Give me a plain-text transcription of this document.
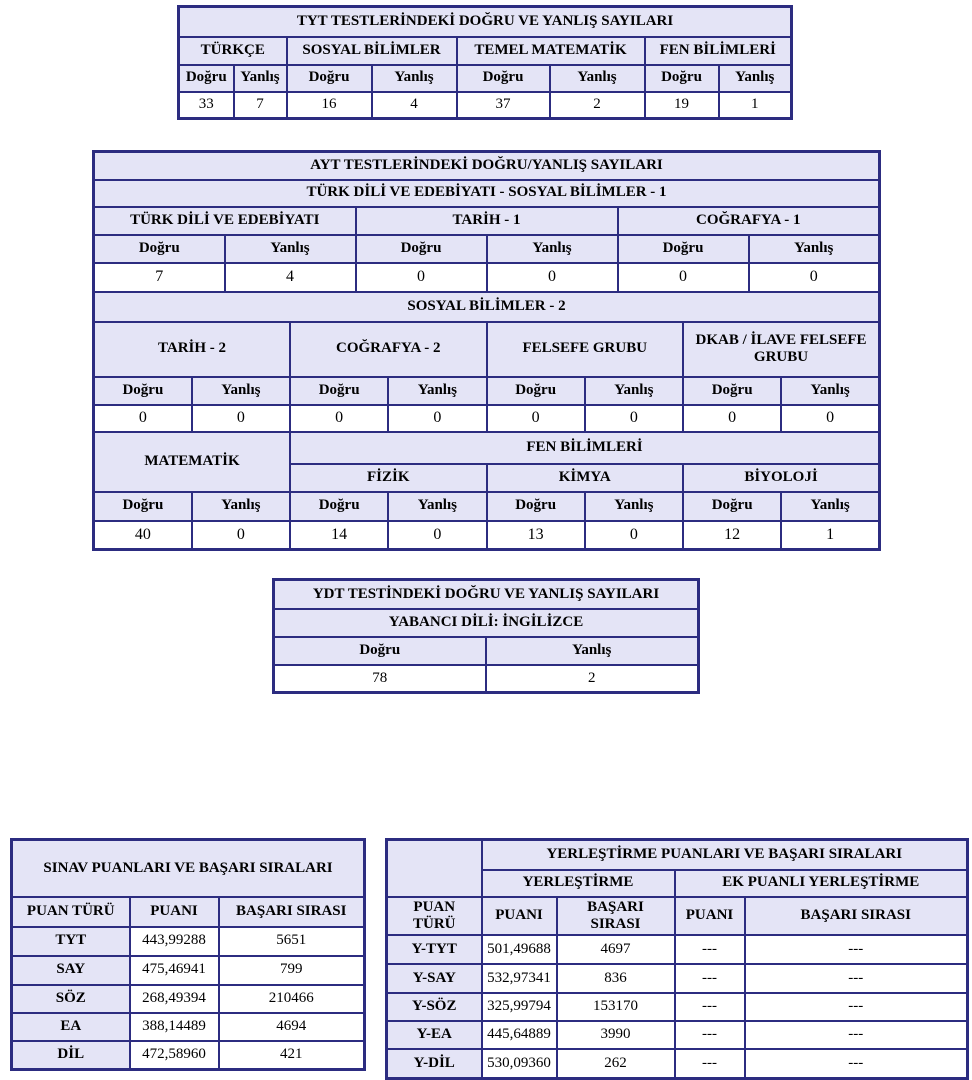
TYT TESTLERİNDEKİ DOĞRU VE YANLIŞ SAYILARI							
TÜRKÇE		SOSYAL BİLİMLER		TEMEL MATEMATİK		FEN BİLİMLERİ	
Doğru	Yanlış	Doğru	Yanlış	Doğru	Yanlış	Doğru	Yanlış
33	7	16	4	37	2	19	1
AYT TESTLERİNDEKİ DOĞRU/YANLIŞ SAYILARI											
TÜRK DİLİ VE EDEBİYATI - SOSYAL BİLİMLER - 1											
TÜRK DİLİ VE EDEBİYATI				TARİH - 1				COĞRAFYA - 1			
Doğru		Yanlış		Doğru		Yanlış		Doğru		Yanlış	
7		4		0		0		0		0	
SOSYAL BİLİMLER - 2											
TARİH - 2			COĞRAFYA - 2			FELSEFE GRUBU			DKAB / İLAVE FELSEFE GRUBU		
Doğru	Yanlış		Doğru		Yanlış	Doğru	Yanlış		Doğru		Yanlış
0	0		0		0	0	0		0		0
MATEMATİK			FEN BİLİMLERİ								
			FİZİK			KİMYA			BİYOLOJİ		
Doğru	Yanlış		Doğru		Yanlış	Doğru	Yanlış		Doğru		Yanlış
40	0		14		0	13	0		12		1
YDT TESTİNDEKİ DOĞRU VE YANLIŞ SAYILARI	
YABANCI DİLİ: İNGİLİZCE	
Doğru	Yanlış
78	2
SINAV PUANLARI VE BAŞARI SIRALARI		
PUAN TÜRÜ	PUANI	BAŞARI SIRASI
TYT	443,99288	5651
SAY	475,46941	799
SÖZ	268,49394	210466
EA	388,14489	4694
DİL	472,58960	421
	YERLEŞTİRME PUANLARI VE BAŞARI SIRALARI			
	YERLEŞTİRME		EK PUANLI YERLEŞTİRME	
PUAN TÜRÜ	PUANI	BAŞARI SIRASI	PUANI	BAŞARI SIRASI
Y-TYT	501,49688	4697	---	---
Y-SAY	532,97341	836	---	---
Y-SÖZ	325,99794	153170	---	---
Y-EA	445,64889	3990	---	---
Y-DİL	530,09360	262	---	---
